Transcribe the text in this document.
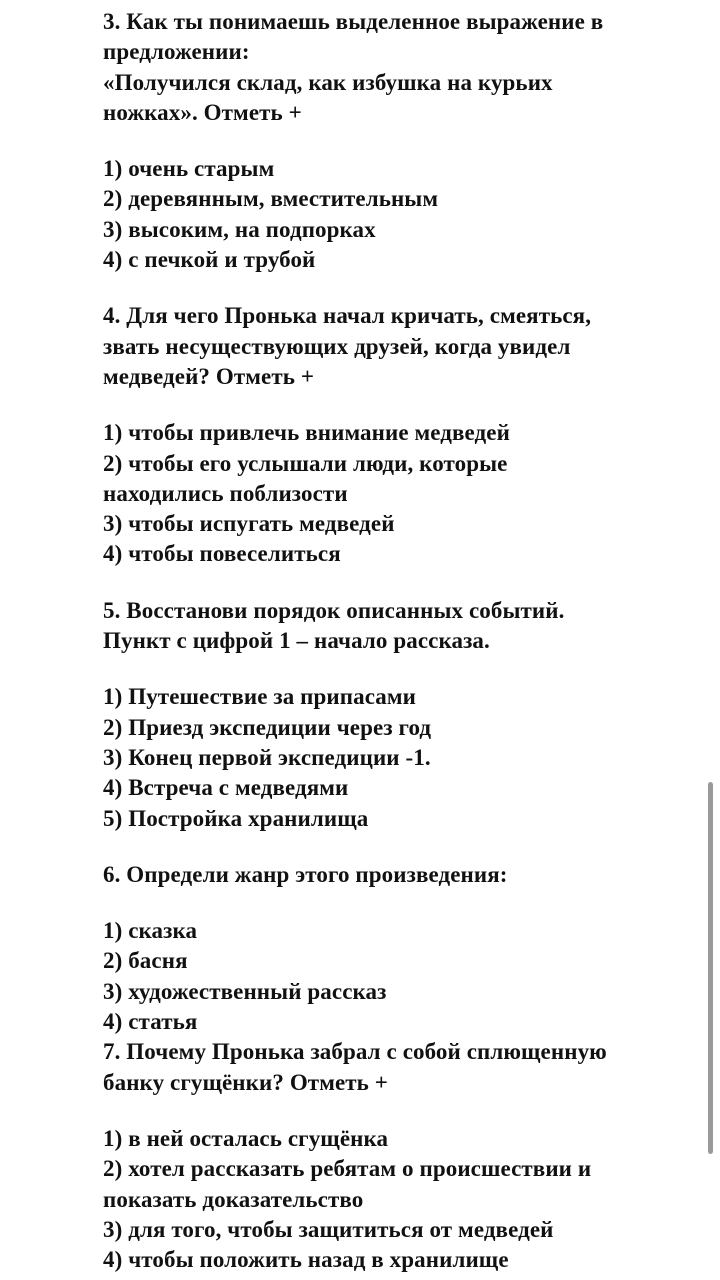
3. Как ты понимаешь выделенное выражение в
предложении:
«Получился склад, как избушка на курьих
ножках». Отметь +
1) очень старым
2) деревянным, вместительным
3) высоким, на подпорках
4) с печкой и трубой
4. Для чего Пронька начал кричать, смеяться,
звать несуществующих друзей, когда увидел
медведей? Отметь +
1) чтобы привлечь внимание медведей
2) чтобы его услышали люди, которые
находились поблизости
3) чтобы испугать медведей
4) чтобы повеселиться
5. Восстанови порядок описанных событий.
Пункт с цифрой 1 – начало рассказа.
1) Путешествие за припасами
2) Приезд экспедиции через год
3) Конец первой экспедиции -1.
4) Встреча с медведями
5) Постройка хранилища
6. Определи жанр этого произведения:
1) сказка
2) басня
3) художественный рассказ
4) статья
7. Почему Пронька забрал с собой сплющенную
банку сгущёнки? Отметь +
1) в ней осталась сгущёнка
2) хотел рассказать ребятам о происшествии и
показать доказательство
3) для того, чтобы защититься от медведей
4) чтобы положить назад в хранилище
